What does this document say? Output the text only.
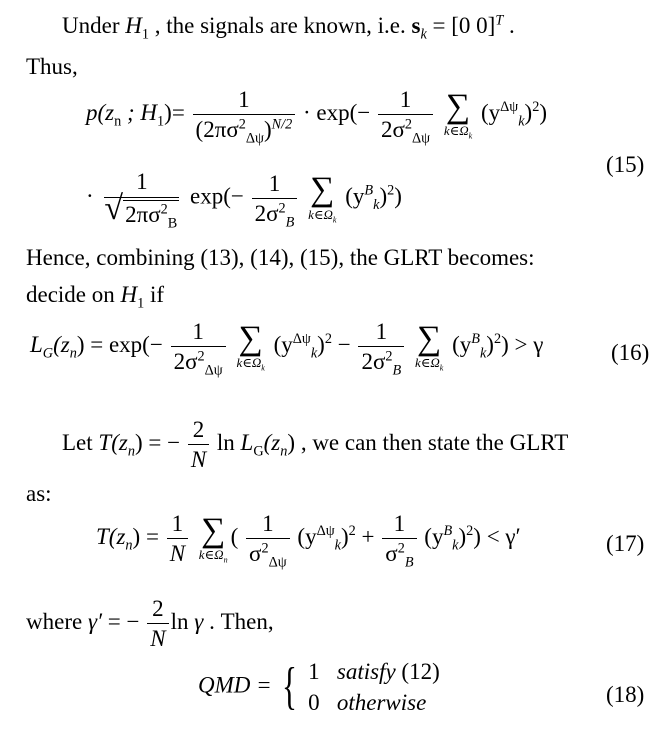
Under $H_1$ , the signals are known, i.e. $s_k = [0$ 0]$^T$ .
Thus,
$p(z_n$ ; $H_1)= \frac{1}{(2\pi\sigma^2_{\Delta\psi})^{N/2}} \cdot \exp(- \frac{1}{2\sigma^2_{\Delta\psi}}$
∑
$k\in\Omega_k$
$(y^{\Delta\psi}_k)^2$)
(15)
·
1
√ $2\pi\sigma^2_B$
$\exp(- \frac{1}{2\sigma^2_B}$
∑
$k\in\Omega_k$
$(y^B_k)^2$)
Hence, combining (13), (14), (15), the GLRT becomes:
decide on $H_1$ if
$L_G(z_n) = \exp(- \frac{1}{2\sigma^2_{\Delta\psi}}$
∑
$k\in\Omega_k$
$(y^{\Delta\psi}_k)^2 - \frac{1}{2\sigma^2_B}$
∑
$k\in\Omega_k$
$(y^B_k)^2) > \gamma$	(16)
Let $T(z_n)$ = − $\frac{2}{N}$ $\ln L_G(z_n)$ , we can then state the GLRT
as:
$T(z_n) = \frac{1}{N}$
∑
$k\in\Omega_n$
( $\frac{1}{\sigma^2_{\Delta\psi}} (y^{\Delta\psi}_k)^2 + \frac{1}{\sigma^2_B} (y^B_k)^2) < \gamma'$	(17)
where γ′ = − $\frac{2}{N}$ ln γ . Then,
QMD = { 1 satisfy (12)
0 otherwise	(18)
